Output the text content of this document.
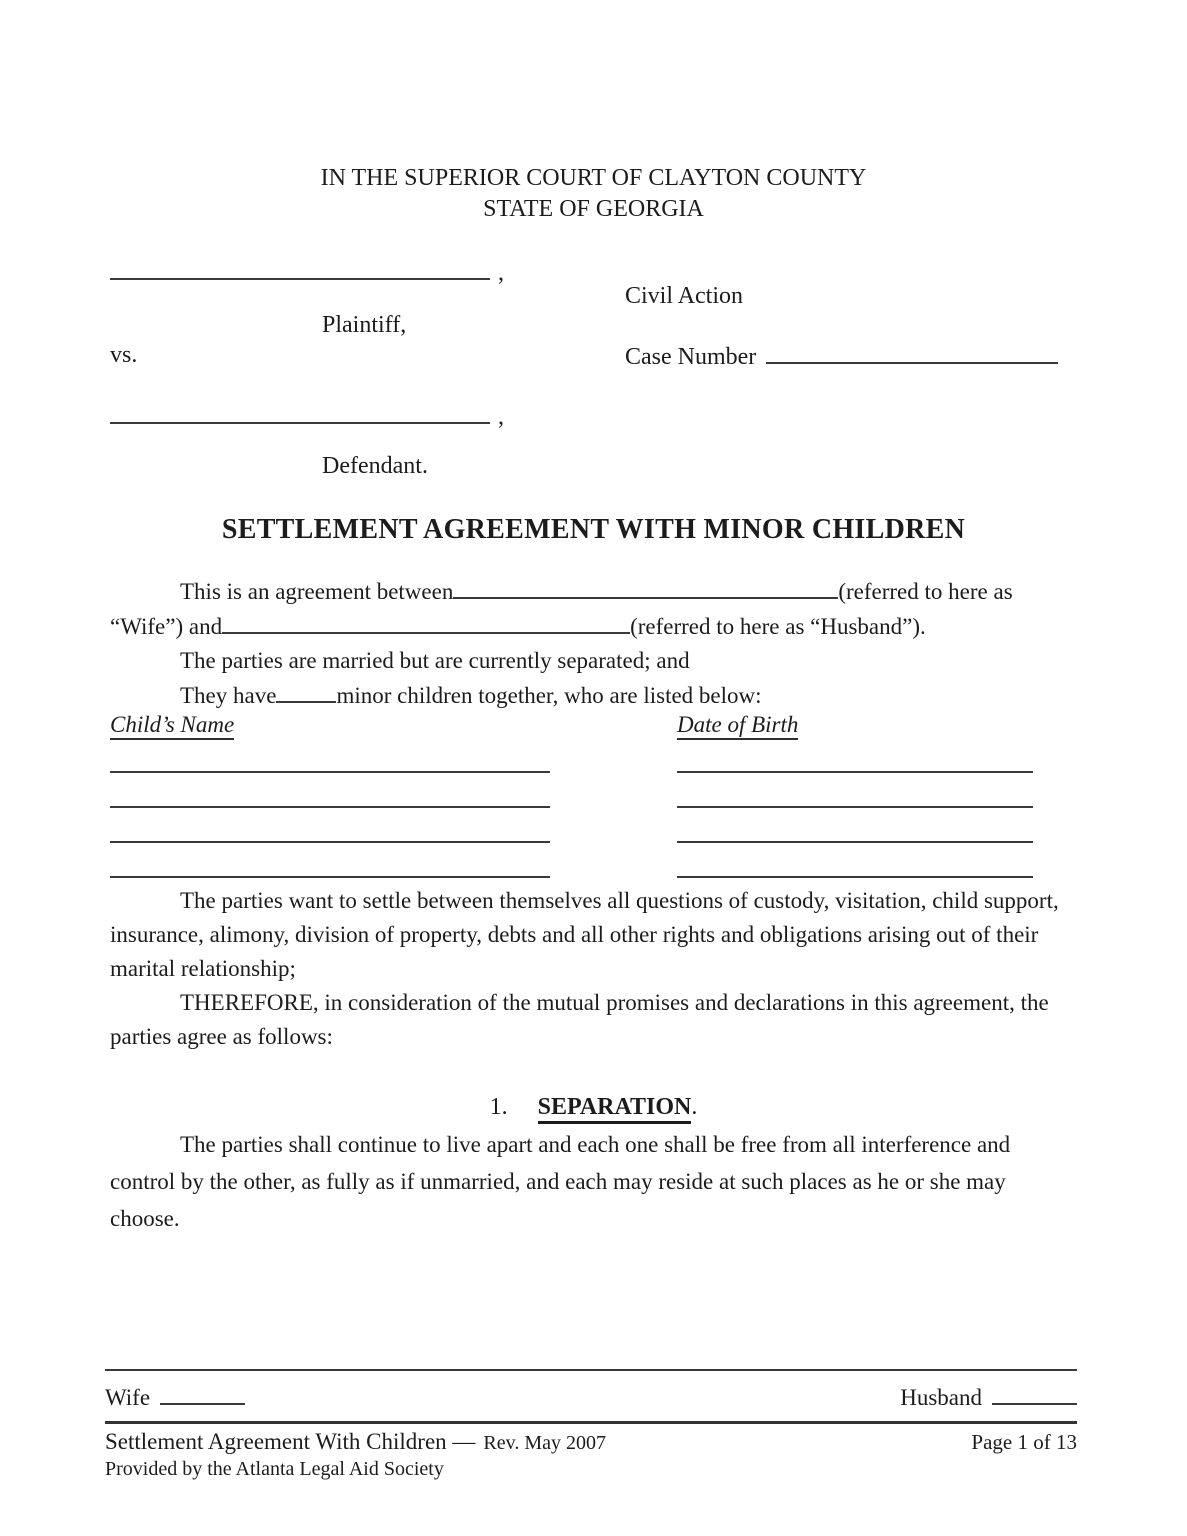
IN THE SUPERIOR COURT OF CLAYTON COUNTY
STATE OF GEORGIA
,
Civil Action
Plaintiff,
vs.	Case Number
,
Defendant.
SETTLEMENT AGREEMENT WITH MINOR CHILDREN
This is an agreement between	(referred to here as
“Wife”) and	(referred to here as “Husband”).
The parties are married but are currently separated; and
They have	minor children together, who are listed below:
Child’s Name	Date of Birth

The parties want to settle between themselves all questions of custody, visitation, child support, insurance, alimony, division of property, debts and all other rights and obligations arising out of their marital relationship;

THEREFORE, in consideration of the mutual promises and declarations in this agreement, the parties agree as follows:

1. SEPARATION.

The parties shall continue to live apart and each one shall be free from all interference and control by the other, as fully as if unmarried, and each may reside at such places as he or she may choose.

Wife	Husband
Settlement Agreement With Children — Rev. May 2007	Page 1 of 13
Provided by the Atlanta Legal Aid Society
